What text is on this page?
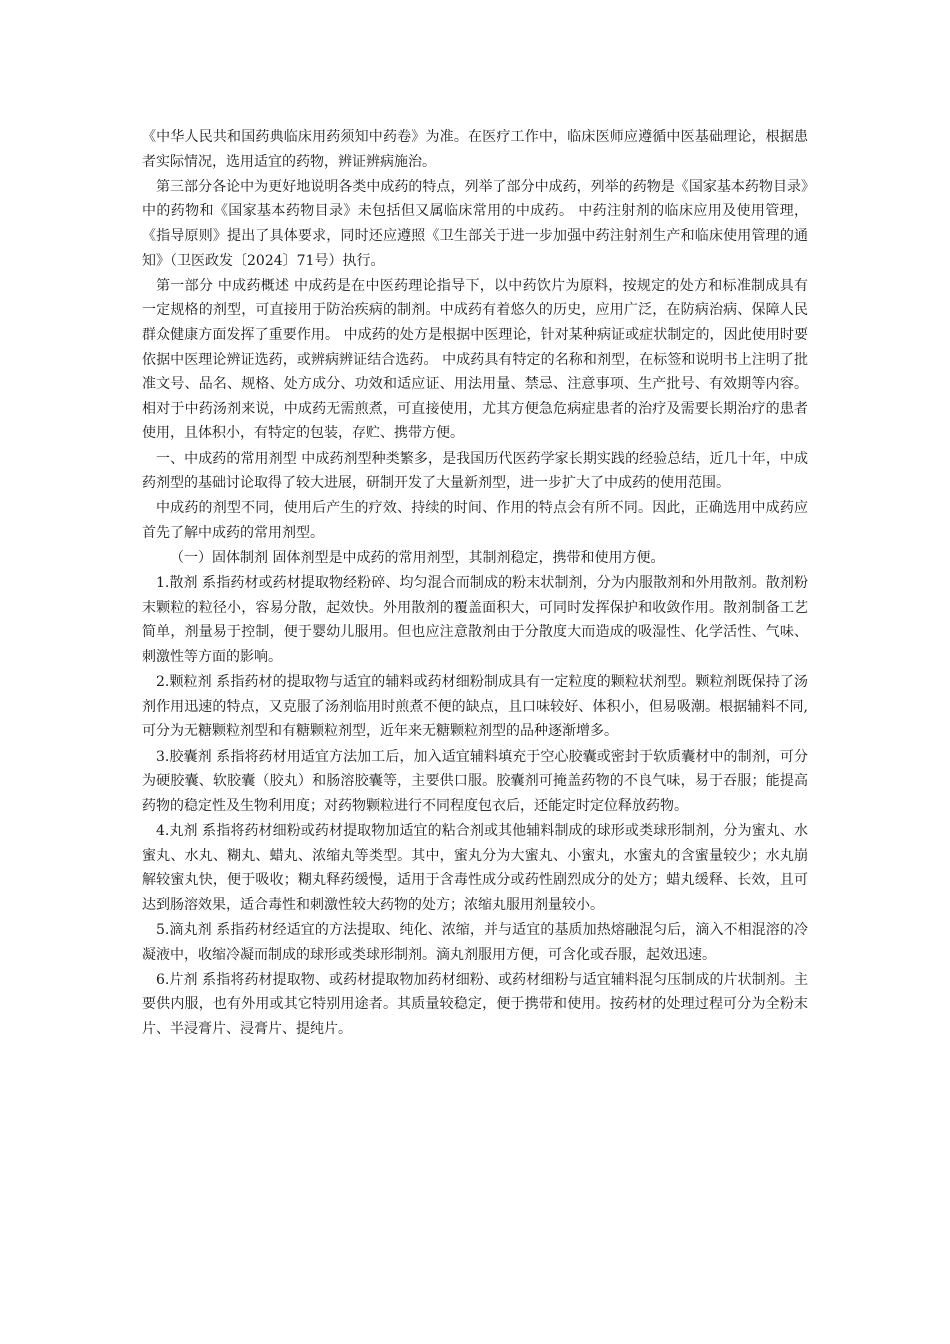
《中华人民共和国药典临床用药须知中药卷》为准。在医疗工作中，临床医师应遵循中医基础理论，根据患者实际情况，选用适宜的药物，辨证辨病施治。

第三部分各论中为更好地说明各类中成药的特点，列举了部分中成药，列举的药物是《国家基本药物目录》中的药物和《国家基本药物目录》未包括但又属临床常用的中成药。 中药注射剂的临床应用及使用管理，《指导原则》提出了具体要求，同时还应遵照《卫生部关于进一步加强中药注射剂生产和临床使用管理的通知》（卫医政发〔2024〕71号）执行。

第一部分 中成药概述 中成药是在中医药理论指导下，以中药饮片为原料，按规定的处方和标准制成具有一定规格的剂型，可直接用于防治疾病的制剂。中成药有着悠久的历史，应用广泛，在防病治病、保障人民群众健康方面发挥了重要作用。 中成药的处方是根据中医理论，针对某种病证或症状制定的，因此使用时要依据中医理论辨证选药，或辨病辨证结合选药。 中成药具有特定的名称和剂型，在标签和说明书上注明了批准文号、品名、规格、处方成分、功效和适应证、用法用量、禁忌、注意事项、生产批号、有效期等内容。相对于中药汤剂来说，中成药无需煎煮，可直接使用，尤其方便急危病症患者的治疗及需要长期治疗的患者使用，且体积小，有特定的包装，存贮、携带方便。

一、中成药的常用剂型 中成药剂型种类繁多，是我国历代医药学家长期实践的经验总结，近几十年，中成药剂型的基础讨论取得了较大进展，研制开发了大量新剂型，进一步扩大了中成药的使用范围。

中成药的剂型不同，使用后产生的疗效、持续的时间、作用的特点会有所不同。因此，正确选用中成药应首先了解中成药的常用剂型。

（一）固体制剂 固体剂型是中成药的常用剂型，其制剂稳定，携带和使用方便。

1.散剂 系指药材或药材提取物经粉碎、均匀混合而制成的粉末状制剂，分为内服散剂和外用散剂。散剂粉末颗粒的粒径小，容易分散，起效快。外用散剂的覆盖面积大，可同时发挥保护和收敛作用。散剂制备工艺简单，剂量易于控制，便于婴幼儿服用。但也应注意散剂由于分散度大而造成的吸湿性、化学活性、气味、刺激性等方面的影响。

2.颗粒剂 系指药材的提取物与适宜的辅料或药材细粉制成具有一定粒度的颗粒状剂型。颗粒剂既保持了汤剂作用迅速的特点，又克服了汤剂临用时煎煮不便的缺点，且口味较好、体积小，但易吸潮。根据辅料不同,可分为无糖颗粒剂型和有糖颗粒剂型，近年来无糖颗粒剂型的品种逐渐增多。

3.胶囊剂 系指将药材用适宜方法加工后，加入适宜辅料填充于空心胶囊或密封于软质囊材中的制剂，可分为硬胶囊、软胶囊（胶丸）和肠溶胶囊等，主要供口服。胶囊剂可掩盖药物的不良气味，易于吞服；能提高药物的稳定性及生物利用度；对药物颗粒进行不同程度包衣后，还能定时定位释放药物。

4.丸剂 系指将药材细粉或药材提取物加适宜的粘合剂或其他辅料制成的球形或类球形制剂，分为蜜丸、水蜜丸、水丸、糊丸、蜡丸、浓缩丸等类型。其中，蜜丸分为大蜜丸、小蜜丸，水蜜丸的含蜜量较少；水丸崩解较蜜丸快，便于吸收；糊丸释药缓慢，适用于含毒性成分或药性剧烈成分的处方；蜡丸缓释、长效，且可达到肠溶效果，适合毒性和刺激性较大药物的处方；浓缩丸服用剂量较小。

5.滴丸剂 系指药材经适宜的方法提取、纯化、浓缩，并与适宜的基质加热熔融混匀后，滴入不相混溶的冷凝液中，收缩冷凝而制成的球形或类球形制剂。滴丸剂服用方便，可含化或吞服，起效迅速。

6.片剂 系指将药材提取物、或药材提取物加药材细粉、或药材细粉与适宜辅料混匀压制成的片状制剂。主要供内服，也有外用或其它特别用途者。其质量较稳定，便于携带和使用。按药材的处理过程可分为全粉末片、半浸膏片、浸膏片、提纯片。
